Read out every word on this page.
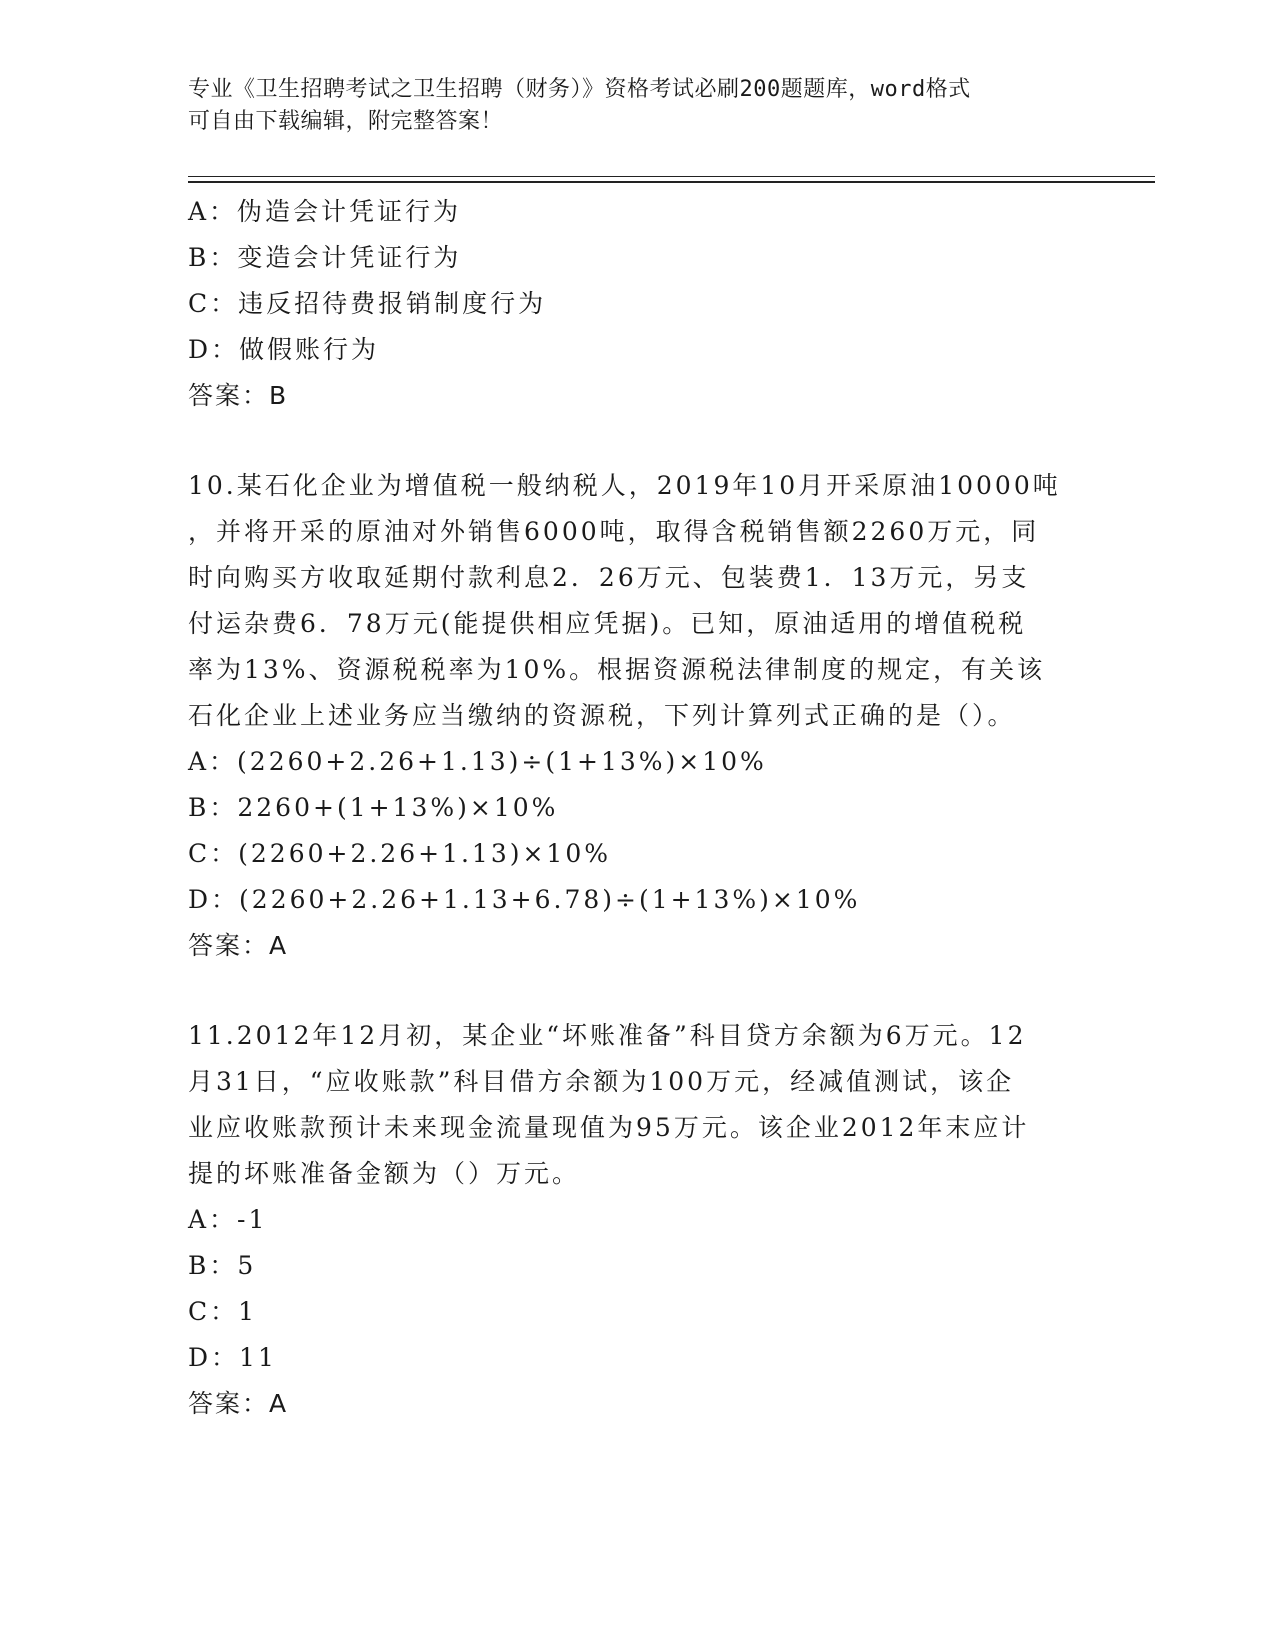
专业《卫生招聘考试之卫生招聘（财务）》资格考试必刷200题题库，word格式
可自由下载编辑，附完整答案！
A：伪造会计凭证行为
B：变造会计凭证行为
C：违反招待费报销制度行为
D：做假账行为
答案：B
10.某石化企业为增值税一般纳税人，2019年10月开采原油10000吨
，并将开采的原油对外销售6000吨，取得含税销售额2260万元，同
时向购买方收取延期付款利息2．26万元、包装费1．13万元，另支
付运杂费6．78万元(能提供相应凭据)。已知，原油适用的增值税税
率为13%、资源税税率为10%。根据资源税法律制度的规定，有关该
石化企业上述业务应当缴纳的资源税，下列计算列式正确的是（）。
A：(2260+2.26+1.13)÷(1+13%)×10%
B：2260+(1+13%)×10%
C：(2260+2.26+1.13)×10%
D：(2260+2.26+1.13+6.78)÷(1+13%)×10%
答案：A
11.2012年12月初，某企业“坏账准备”科目贷方余额为6万元。12
月31日，“应收账款”科目借方余额为100万元，经减值测试，该企
业应收账款预计未来现金流量现值为95万元。该企业2012年末应计
提的坏账准备金额为（）万元。
A：-1
B：5
C：1
D：11
答案：A
